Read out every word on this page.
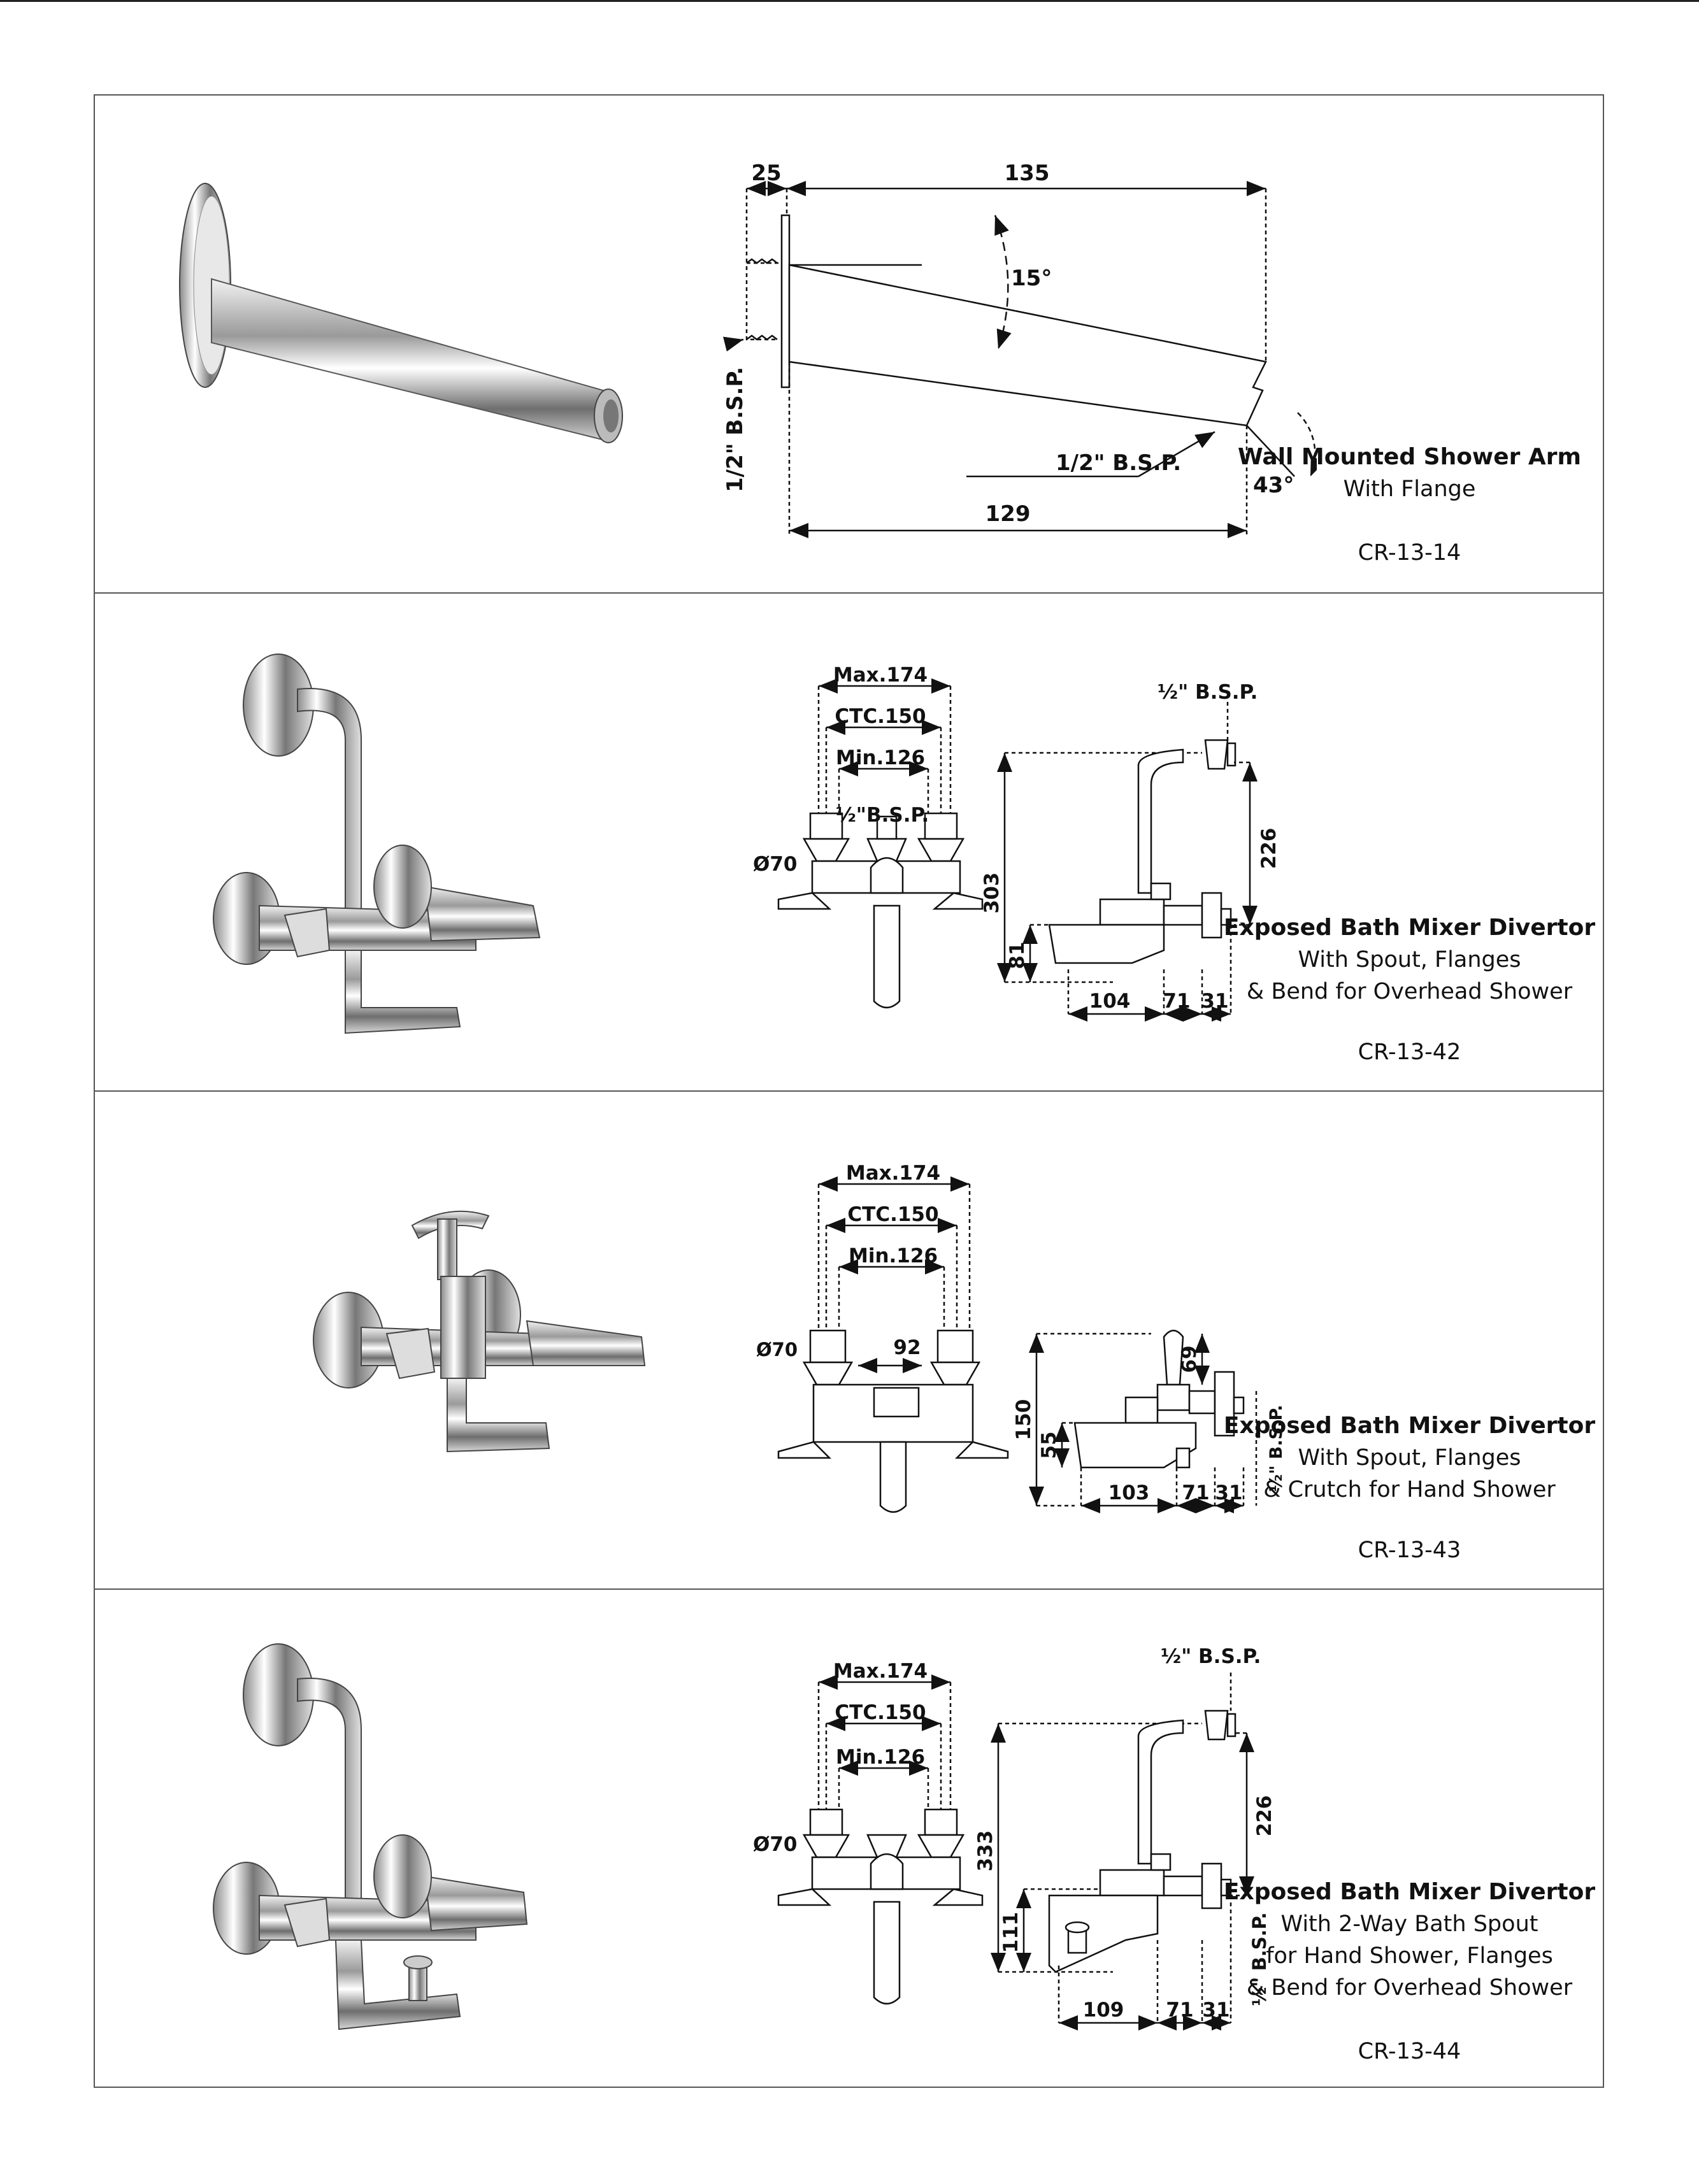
25	135
15°
1/2" B.S.P.	1/2" B.S.P.
43°
129
Wall Mounted Shower Arm
With Flange
CR-13-14
Max.174
CTC.150
Min.126
½"B.S.P.
Ø70
303
½" B.S.P.
226
81
104 71 31
Exposed Bath Mixer Divertor
With Spout, Flanges
& Bend for Overhead Shower
CR-13-42
Max.174
CTC.150
Min.126
Ø70	92
150
69
55	½" B.S.P.
103 71 31
Exposed Bath Mixer Divertor
With Spout, Flanges
& Crutch for Hand Shower
CR-13-43
Max.174
CTC.150
Min.126
Ø70	333
½" B.S.P.
226
111	½" B.S.P.
109 71 31
Exposed Bath Mixer Divertor
With 2-Way Bath Spout
for Hand Shower, Flanges
& Bend for Overhead Shower
CR-13-44
